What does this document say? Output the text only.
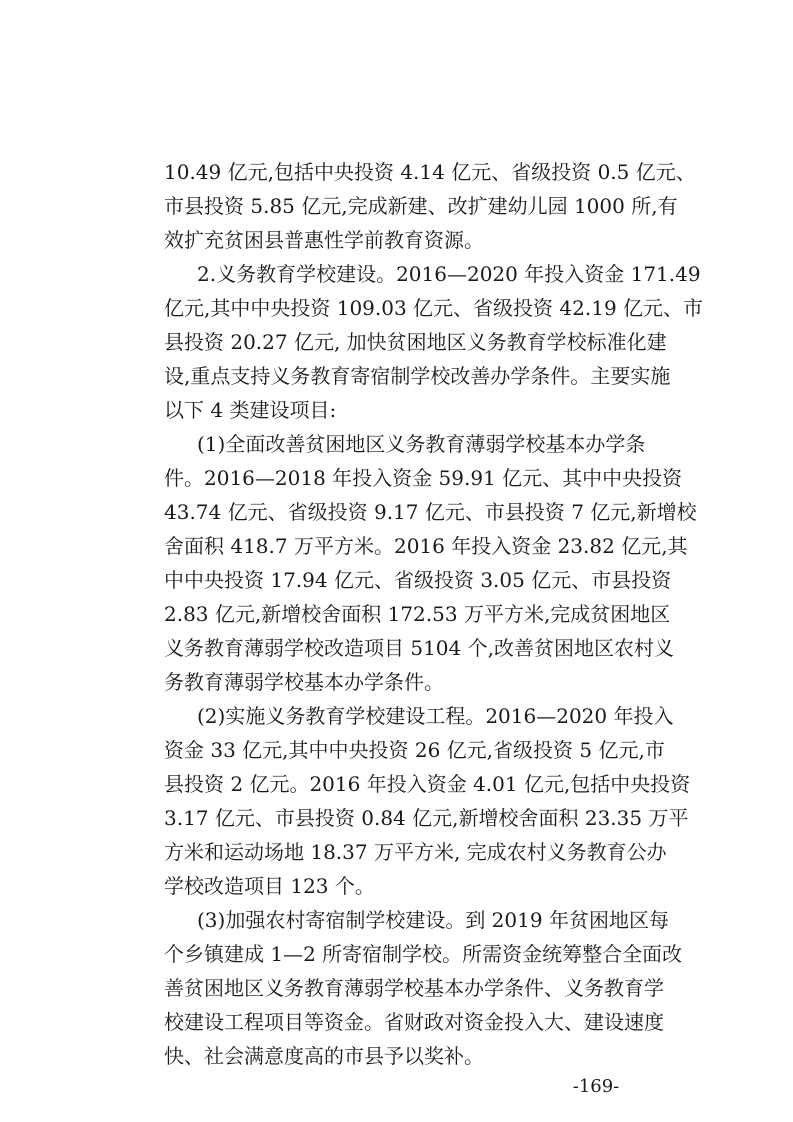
10.49 亿元,包括中央投资 4.14 亿元、省级投资 0.5 亿元、
市县投资 5.85 亿元,完成新建、改扩建幼儿园 1000 所,有
效扩充贫困县普惠性学前教育资源。
2.义务教育学校建设。2016—2020 年投入资金 171.49
亿元,其中中央投资 109.03 亿元、省级投资 42.19 亿元、市
县投资 20.27 亿元, 加快贫困地区义务教育学校标准化建
设,重点支持义务教育寄宿制学校改善办学条件。主要实施
以下 4 类建设项目:
(1)全面改善贫困地区义务教育薄弱学校基本办学条
件。2016—2018 年投入资金 59.91 亿元、其中中央投资
43.74 亿元、省级投资 9.17 亿元、市县投资 7 亿元,新增校
舍面积 418.7 万平方米。2016 年投入资金 23.82 亿元,其
中中央投资 17.94 亿元、省级投资 3.05 亿元、市县投资
2.83 亿元,新增校舍面积 172.53 万平方米,完成贫困地区
义务教育薄弱学校改造项目 5104 个,改善贫困地区农村义
务教育薄弱学校基本办学条件。
(2)实施义务教育学校建设工程。2016—2020 年投入
资金 33 亿元,其中中央投资 26 亿元,省级投资 5 亿元,市
县投资 2 亿元。2016 年投入资金 4.01 亿元,包括中央投资
3.17 亿元、市县投资 0.84 亿元,新增校舍面积 23.35 万平
方米和运动场地 18.37 万平方米, 完成农村义务教育公办
学校改造项目 123 个。
(3)加强农村寄宿制学校建设。到 2019 年贫困地区每
个乡镇建成 1—2 所寄宿制学校。所需资金统筹整合全面改
善贫困地区义务教育薄弱学校基本办学条件、义务教育学
校建设工程项目等资金。省财政对资金投入大、建设速度
快、社会满意度高的市县予以奖补。
-169-
